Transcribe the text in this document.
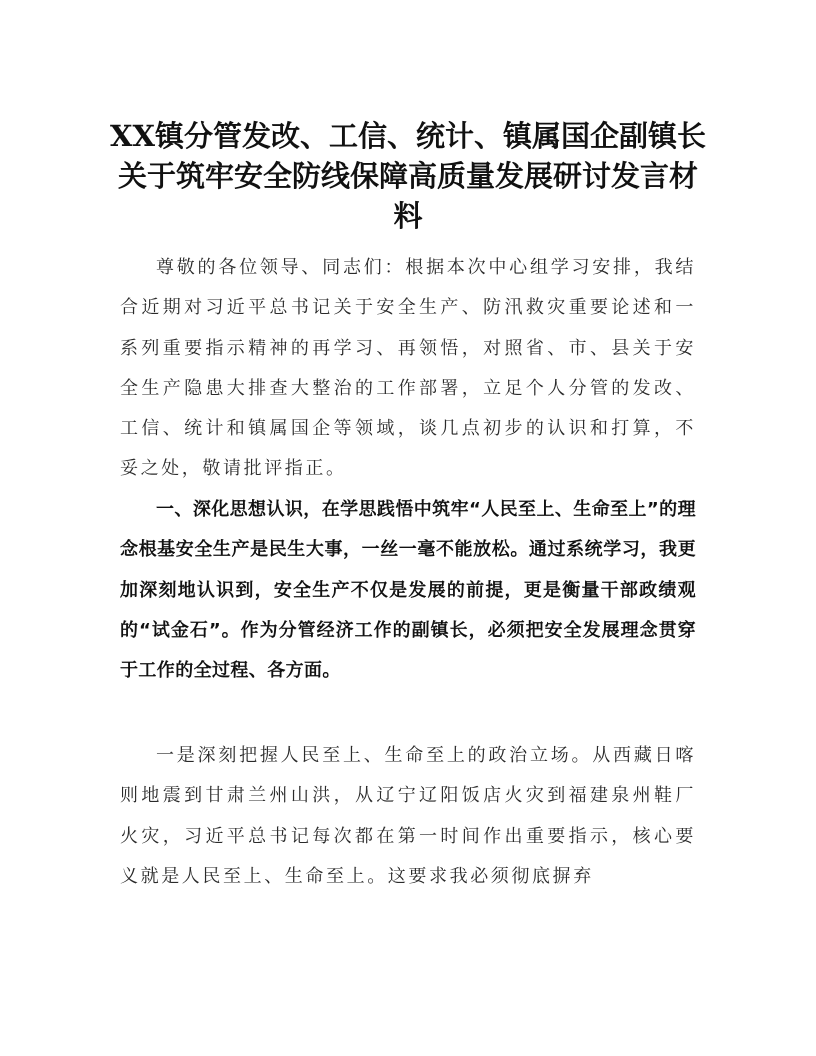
XX镇分管发改、工信、统计、镇属国企副镇长关于筑牢安全防线保障高质量发展研讨发言材料

尊敬的各位领导、同志们：根据本次中心组学习安排，我结合近期对习近平总书记关于安全生产、防汛救灾重要论述和一系列重要指示精神的再学习、再领悟，对照省、市、县关于安全生产隐患大排查大整治的工作部署，立足个人分管的发改、工信、统计和镇属国企等领域，谈几点初步的认识和打算，不妥之处，敬请批评指正。

一、深化思想认识，在学思践悟中筑牢“人民至上、生命至上”的理念根基安全生产是民生大事，一丝一毫不能放松。通过系统学习，我更加深刻地认识到，安全生产不仅是发展的前提，更是衡量干部政绩观的“试金石”。作为分管经济工作的副镇长，必须把安全发展理念贯穿于工作的全过程、各方面。

一是深刻把握人民至上、生命至上的政治立场。从西藏日喀则地震到甘肃兰州山洪，从辽宁辽阳饭店火灾到福建泉州鞋厂火灾，习近平总书记每次都在第一时间作出重要指示，核心要义就是人民至上、生命至上。这要求我必须彻底摒弃
